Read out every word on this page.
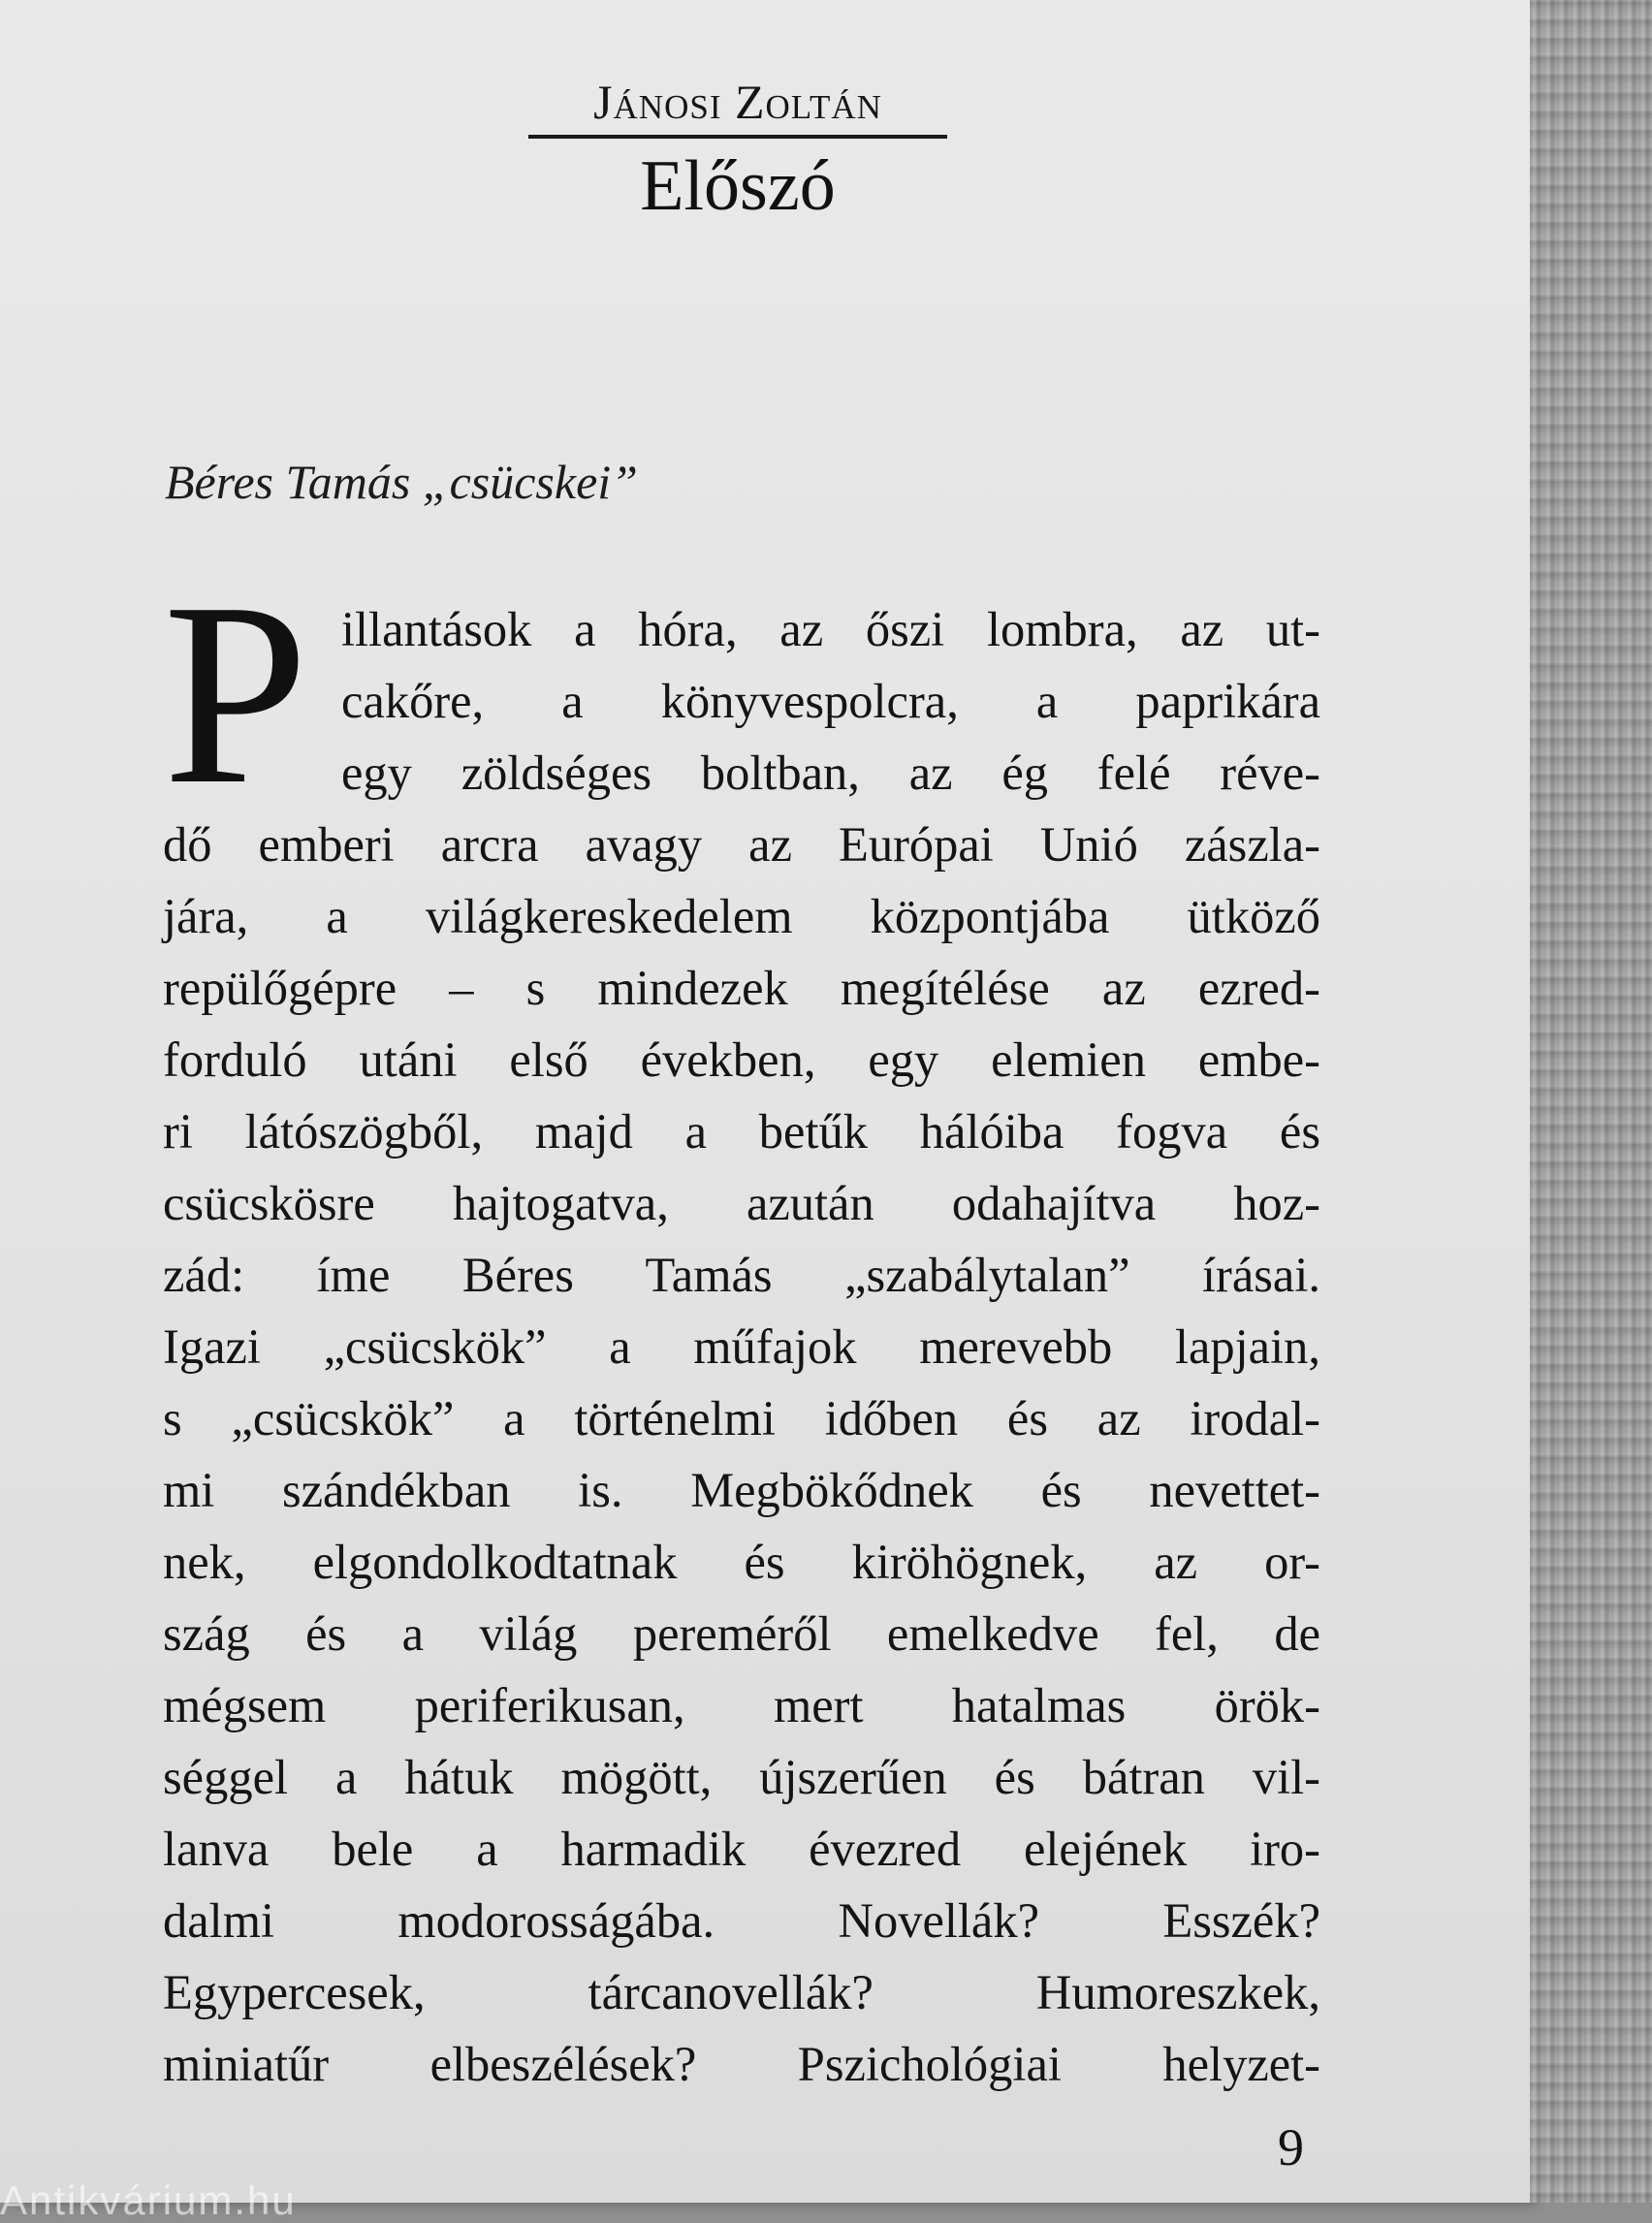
Jánosi Zoltán
Előszó
Béres Tamás „csücskei”
P illantások a hóra, az őszi lombra, az ut-
cakőre, a könyvespolcra, a paprikára
egy zöldséges boltban, az ég felé réve-
dő emberi arcra avagy az Európai Unió zászla-
jára, a világkereskedelem központjába ütköző
repülőgépre – s mindezek megítélése az ezred-
forduló utáni első években, egy elemien embe-
ri látószögből, majd a betűk hálóiba fogva és
csücskösre hajtogatva, azután odahajítva hoz-
zád: íme Béres Tamás „szabálytalan” írásai.
Igazi „csücskök” a műfajok merevebb lapjain,
s „csücskök” a történelmi időben és az irodal-
mi szándékban is. Megbökődnek és nevettet-
nek, elgondolkodtatnak és kiröhögnek, az or-
szág és a világ pereméről emelkedve fel, de
mégsem periferikusan, mert hatalmas örök-
séggel a hátuk mögött, újszerűen és bátran vil-
lanva bele a harmadik évezred elejének iro-
dalmi modorosságába. Novellák? Esszék?
Egypercesek, tárcanovellák? Humoreszkek,
miniatűr elbeszélések? Pszichológiai helyzet-
9
Antikvárium.hu
